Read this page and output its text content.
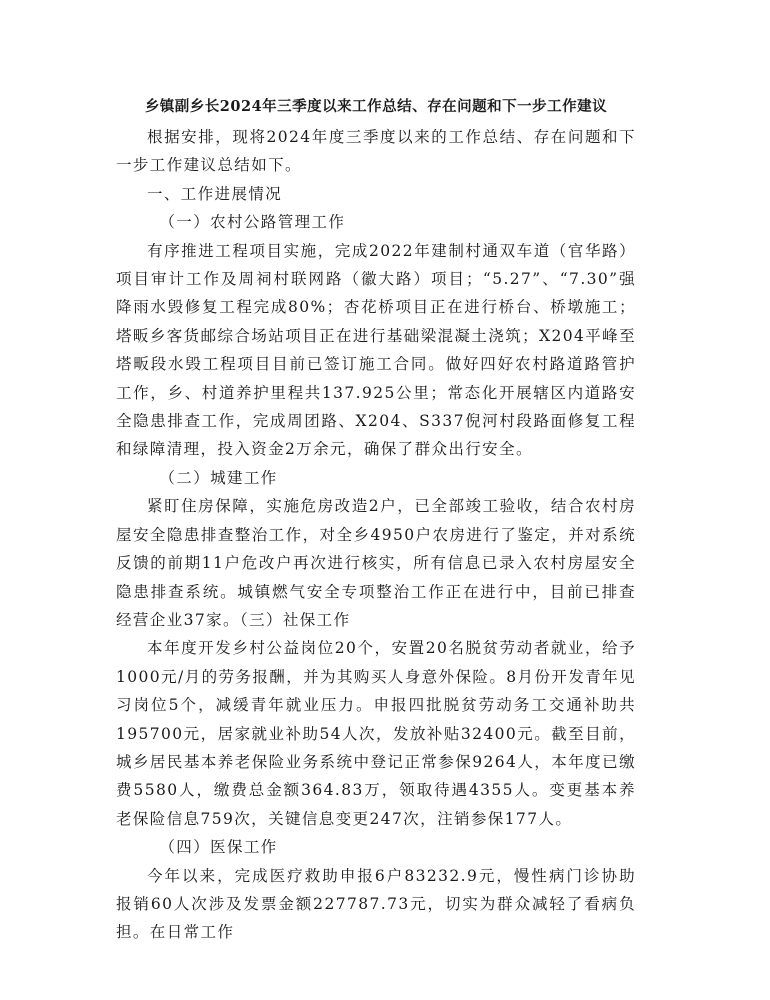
乡镇副乡长2024年三季度以来工作总结、存在问题和下一步工作建议

根据安排，现将2024年度三季度以来的工作总结、存在问题和下一步工作建议总结如下。

一、工作进展情况

（一）农村公路管理工作

有序推进工程项目实施，完成2022年建制村通双车道（官华路）项目审计工作及周祠村联网路（徽大路）项目；“5.27”、“7.30”强降雨水毁修复工程完成80%；杏花桥项目正在进行桥台、桥墩施工；塔畈乡客货邮综合场站项目正在进行基础梁混凝土浇筑；X204平峰至塔畈段水毁工程项目目前已签订施工合同。做好四好农村路道路管护工作，乡、村道养护里程共137.925公里；常态化开展辖区内道路安全隐患排查工作，完成周团路、X204、S337倪河村段路面修复工程和绿障清理，投入资金2万余元，确保了群众出行安全。

（二）城建工作

紧盯住房保障，实施危房改造2户，已全部竣工验收，结合农村房屋安全隐患排查整治工作，对全乡4950户农房进行了鉴定，并对系统反馈的前期11户危改户再次进行核实，所有信息已录入农村房屋安全隐患排查系统。城镇燃气安全专项整治工作正在进行中，目前已排查经营企业37家。（三）社保工作

本年度开发乡村公益岗位20个，安置20名脱贫劳动者就业，给予1000元/月的劳务报酬，并为其购买人身意外保险。8月份开发青年见习岗位5个，减缓青年就业压力。申报四批脱贫劳动务工交通补助共195700元，居家就业补助54人次，发放补贴32400元。截至目前，城乡居民基本养老保险业务系统中登记正常参保9264人，本年度已缴费5580人，缴费总金额364.83万，领取待遇4355人。变更基本养老保险信息759次，关键信息变更247次，注销参保177人。

（四）医保工作

今年以来，完成医疗救助申报6户83232.9元，慢性病门诊协助报销60人次涉及发票金额227787.73元，切实为群众减轻了看病负担。在日常工作
